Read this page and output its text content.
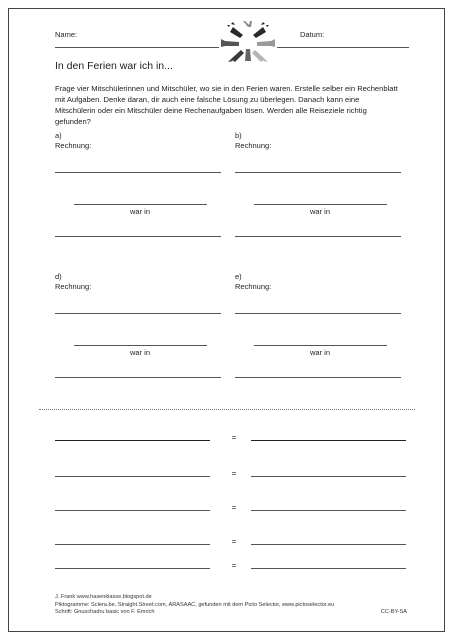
Name:	Datum:
In den Ferien war ich in...

Frage vier Mitschülerinnen und Mitschüler, wo sie in den Ferien waren. Erstelle selber ein Rechenblatt mit Aufgaben. Denke daran, dir auch eine falsche Lösung zu überlegen. Danach kann eine Mitschülerin oder ein Mitschüler deine Rechenaufgaben lösen. Werden alle Reiseziele richtig gefunden?

a)
Rechnung:
war in
b)
Rechnung:
war in
d)
Rechnung:
war in
e)
Rechnung:
war in
=
=
=
=
=
J. Frank www.hasenklasse.blogspot.de
Piktogramme: Sclera.be, Straight.Street.com, ARASAAC, gefunden mit dem Picto Selector, www.pictoselector.eu
Schrift: Gnuschadru basic von F. Emrich	CC-BY-SA
